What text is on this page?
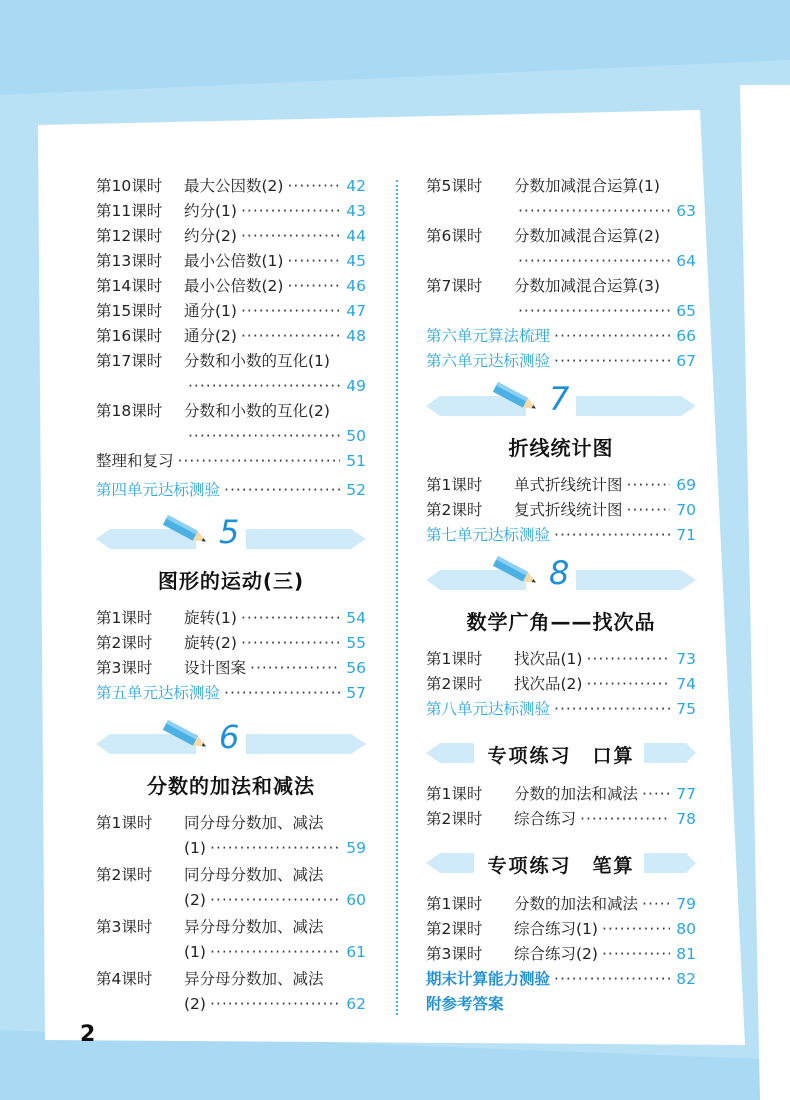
第10课时	最大公因数(2) ·····	42
第11课时	约分(1) ·····	43
第12课时	约分(2) ·····	44
第13课时	最小公倍数(1) ·····	45
第14课时	最小公倍数(2) ·····	46
第15课时	通分(1) ·····	47
第16课时	通分(2) ·····	48
第17课时	分数和小数的互化(1)
·····
49
第18课时	分数和小数的互化(2)
·····
50
整理和复习 ·····	51
第四单元达标测验 ·····	52
5
图形的运动(三)
第1课时	旋转(1) ·····	54
第2课时	旋转(2) ·····	55
第3课时	设计图案 ·····	56
第五单元达标测验 ·····	57
6
分数的加法和减法
第1课时	同分母分数加、减法
(1) ·····	59
第2课时	同分母分数加、减法
(2) ·····	60
第3课时	异分母分数加、减法
(1) ·····	61
第4课时	异分母分数加、减法
(2) ·····	62
第5课时	分数加减混合运算(1)
·····
63
第6课时	分数加减混合运算(2)
·····
64
第7课时	分数加减混合运算(3)
·····
65
第六单元算法梳理 ·····	66
第六单元达标测验 ·····	67
7
折线统计图
第1课时	单式折线统计图 ·····	69
第2课时	复式折线统计图 ·····	70
第七单元达标测验 ·····	71
8
数学广角——找次品
第1课时	找次品(1) ·····	73
第2课时	找次品(2) ·····	74
第八单元达标测验 ·····	75
专项练习　口算
第1课时	分数的加法和减法 ····· 77
第2课时	综合练习 ·····	78
专项练习　笔算
第1课时	分数的加法和减法 ····· 79
第2课时	综合练习(1) ·····	80
第3课时	综合练习(2) ·····	81
期末计算能力测验 ·····	82
附参考答案
2
